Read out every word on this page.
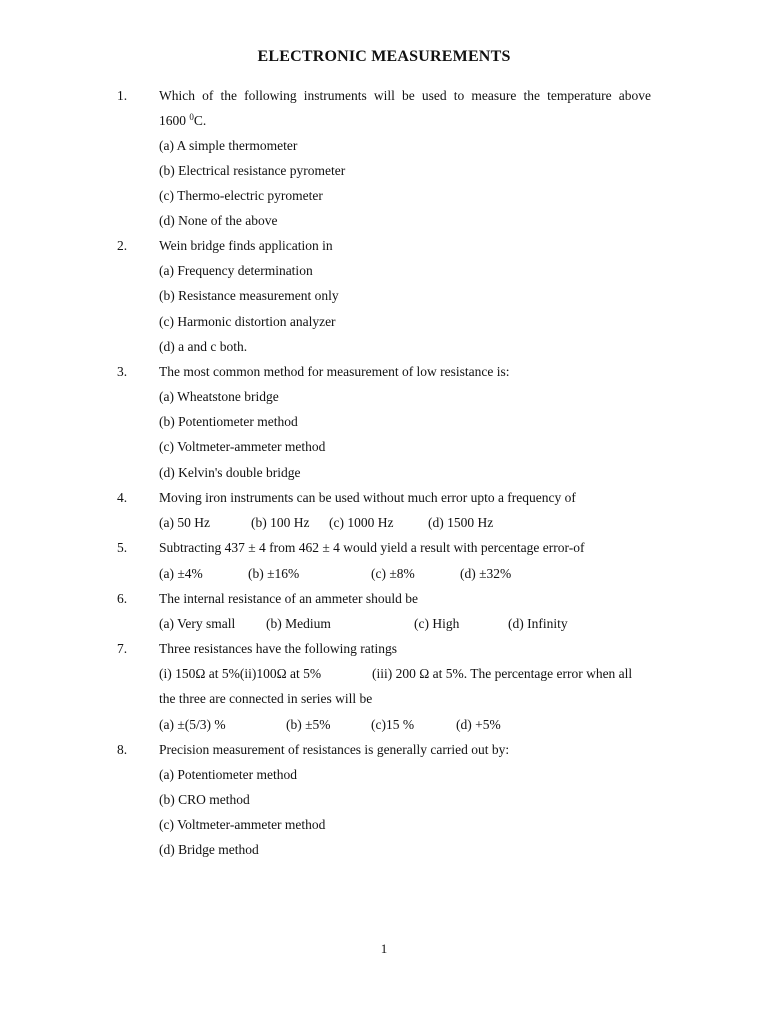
ELECTRONIC MEASUREMENTS
1. Which of the following instruments will be used to measure the temperature above
1600 $^0$C.
(a) A simple thermometer
(b) Electrical resistance pyrometer
(c) Thermo-electric pyrometer
(d) None of the above
2. Wein bridge finds application in
(a) Frequency determination
(b) Resistance measurement only
(c) Harmonic distortion analyzer
(d) a and c both.
3. The most common method for measurement of low resistance is:
(a) Wheatstone bridge
(b) Potentiometer method
(c) Voltmeter-ammeter method
(d) Kelvin's double bridge
4. Moving iron instruments can be used without much error upto a frequency of
(a) 50 Hz	(b) 100 Hz (c) 1000 Hz	(d) 1500 Hz
5. Subtracting 437 ± 4 from 462 ± 4 would yield a result with percentage error-of
(a) ±4%	(b) ±16%	(c) ±8%	(d) ±32%
6. The internal resistance of an ammeter should be
(a) Very small (b) Medium	(c) High	(d) Infinity
7. Three resistances have the following ratings
(i) 150Ω at 5%(ii)100Ω at 5%	(iii) 200 Ω at 5%. The percentage error when all
the three are connected in series will be
(a) ±(5/3) %	(b) ±5%	(c)15 %	(d) +5%
8. Precision measurement of resistances is generally carried out by:
(a) Potentiometer method
(b) CRO method
(c) Voltmeter-ammeter method
(d) Bridge method
1
